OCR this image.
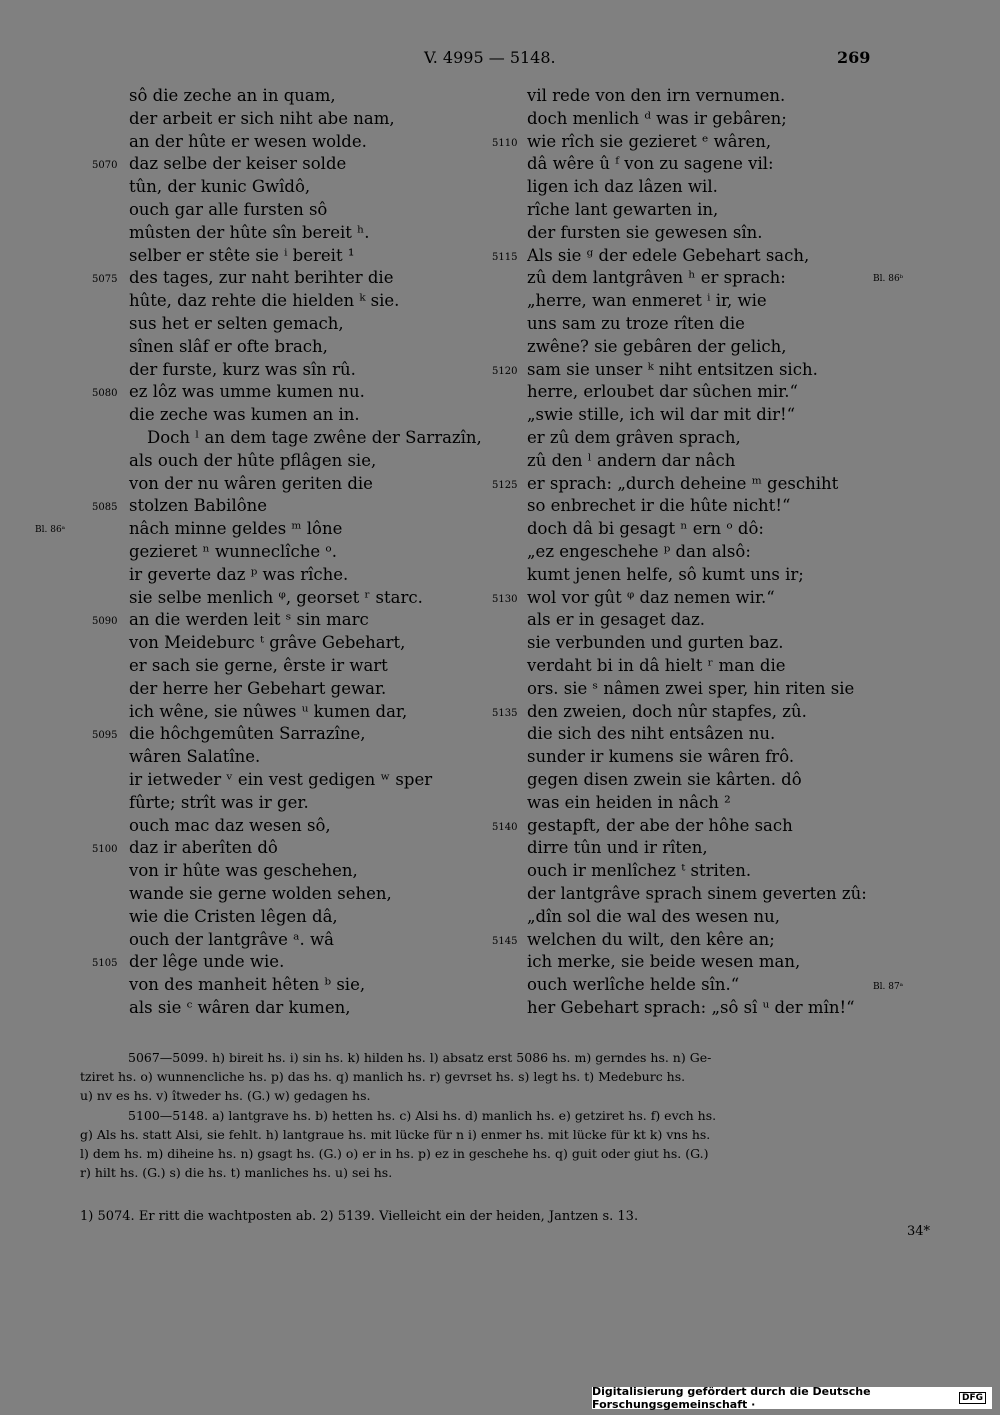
V. 4995 — 5148.	269
sô die zeche an in quam,
der arbeit er sich niht abe nam,
an der hûte er wesen wolde.
daz selbe der keiser solde
tûn, der kunic Gwîdô,
ouch gar alle fursten sô
mûsten der hûte sîn bereit ʰ.
selber er stête sie ⁱ bereit ¹
des tages, zur naht berihter die
hûte, daz rehte die hielden ᵏ sie.
sus het er selten gemach,
sînen slâf er ofte brach,
der furste, kurz was sîn rû.
ez lôz was umme kumen nu.
die zeche was kumen an in.
Doch ˡ an dem tage zwêne der Sarrazîn,
als ouch der hûte pflâgen sie,
von der nu wâren geriten die
stolzen Babilône
nâch minne geldes ᵐ lône
gezieret ⁿ wunneclîche ᵒ.
ir geverte daz ᵖ was rîche.
sie selbe menlich ᵠ, georset ʳ starc.
an die werden leit ˢ sin marc
von Meideburc ᵗ grâve Gebehart,
er sach sie gerne, êrste ir wart
der herre her Gebehart gewar.
ich wêne, sie nûwes ᵘ kumen dar,
die hôchgemûten Sarrazîne,
wâren Salatîne.
ir ietweder ᵛ ein vest gedigen ʷ sper
fûrte; strît was ir ger.
ouch mac daz wesen sô,
daz ir aberîten dô
von ir hûte was geschehen,
wande sie gerne wolden sehen,
wie die Cristen lêgen dâ,
ouch der lantgrâve ᵃ. wâ
der lêge unde wie.
von des manheit hêten ᵇ sie,
als sie ᶜ wâren dar kumen,
5070
5075
5080
5085
5090
5095
5100
5105
vil rede von den irn vernumen.
doch menlich ᵈ was ir gebâren;
wie rîch sie gezieret ᵉ wâren,
dâ wêre û ᶠ von zu sagene vil:
ligen ich daz lâzen wil.
rîche lant gewarten in,
der fursten sie gewesen sîn.
Als sie ᵍ der edele Gebehart sach,
zû dem lantgrâven ʰ er sprach:
„herre, wan enmeret ⁱ ir, wie
uns sam zu troze rîten die
zwêne? sie gebâren der gelich,
sam sie unser ᵏ niht entsitzen sich.
herre, erloubet dar sûchen mir.“
„swie stille, ich wil dar mit dir!“
er zû dem grâven sprach,
zû den ˡ andern dar nâch
er sprach: „durch deheine ᵐ geschiht
so enbrechet ir die hûte nicht!“
doch dâ bi gesagt ⁿ ern ᵒ dô:
„ez engeschehe ᵖ dan alsô:
kumt jenen helfe, sô kumt uns ir;
wol vor gût ᵠ daz nemen wir.“
als er in gesaget daz.
sie verbunden und gurten baz.
verdaht bi in dâ hielt ʳ man die
ors. sie ˢ nâmen zwei sper, hin riten sie
den zweien, doch nûr stapfes, zû.
die sich des niht entsâzen nu.
sunder ir kumens sie wâren frô.
gegen disen zwein sie kârten. dô
was ein heiden in nâch ²
gestapft, der abe der hôhe sach
dirre tûn und ir rîten,
ouch ir menlîchez ᵗ striten.
der lantgrâve sprach sinem geverten zû:
„dîn sol die wal des wesen nu,
welchen du wilt, den kêre an;
ich merke, sie beide wesen man,
ouch werlîche helde sîn.“
her Gebehart sprach: „sô sî ᵘ der mîn!“
5110
5115
5120
5125
5130
5135
5140
5145
Bl. 86ᵃ
Bl. 86ᵇ
Bl. 87ᵃ
5067—5099. h) bireit hs. i) sin hs. k) hilden hs. l) absatz erst 5086 hs. m) gerndes hs. n) Ge-
tziret hs. o) wunnencliche hs. p) das hs. q) manlich hs. r) gevrset hs. s) legt hs. t) Medeburc hs.
u) nv es hs. v) îtweder hs. (G.) w) gedagen hs.
5100—5148. a) lantgrave hs. b) hetten hs. c) Alsi hs. d) manlich hs. e) getziret hs. f) evch hs.
g) Als hs. statt Alsi, sie fehlt. h) lantgraue hs. mit lücke für n i) enmer hs. mit lücke für kt k) vns hs.
l) dem hs. m) diheine hs. n) gsagt hs. (G.) o) er in hs. p) ez in geschehe hs. q) guit oder giut hs. (G.)
r) hilt hs. (G.) s) die hs. t) manliches hs. u) sei hs.
1) 5074. Er ritt die wachtposten ab. 2) 5139. Vielleicht ein der heiden, Jantzen s. 13.
34*
Digitalisierung gefördert durch die Deutsche Forschungsgemeinschaft ·	DFG
